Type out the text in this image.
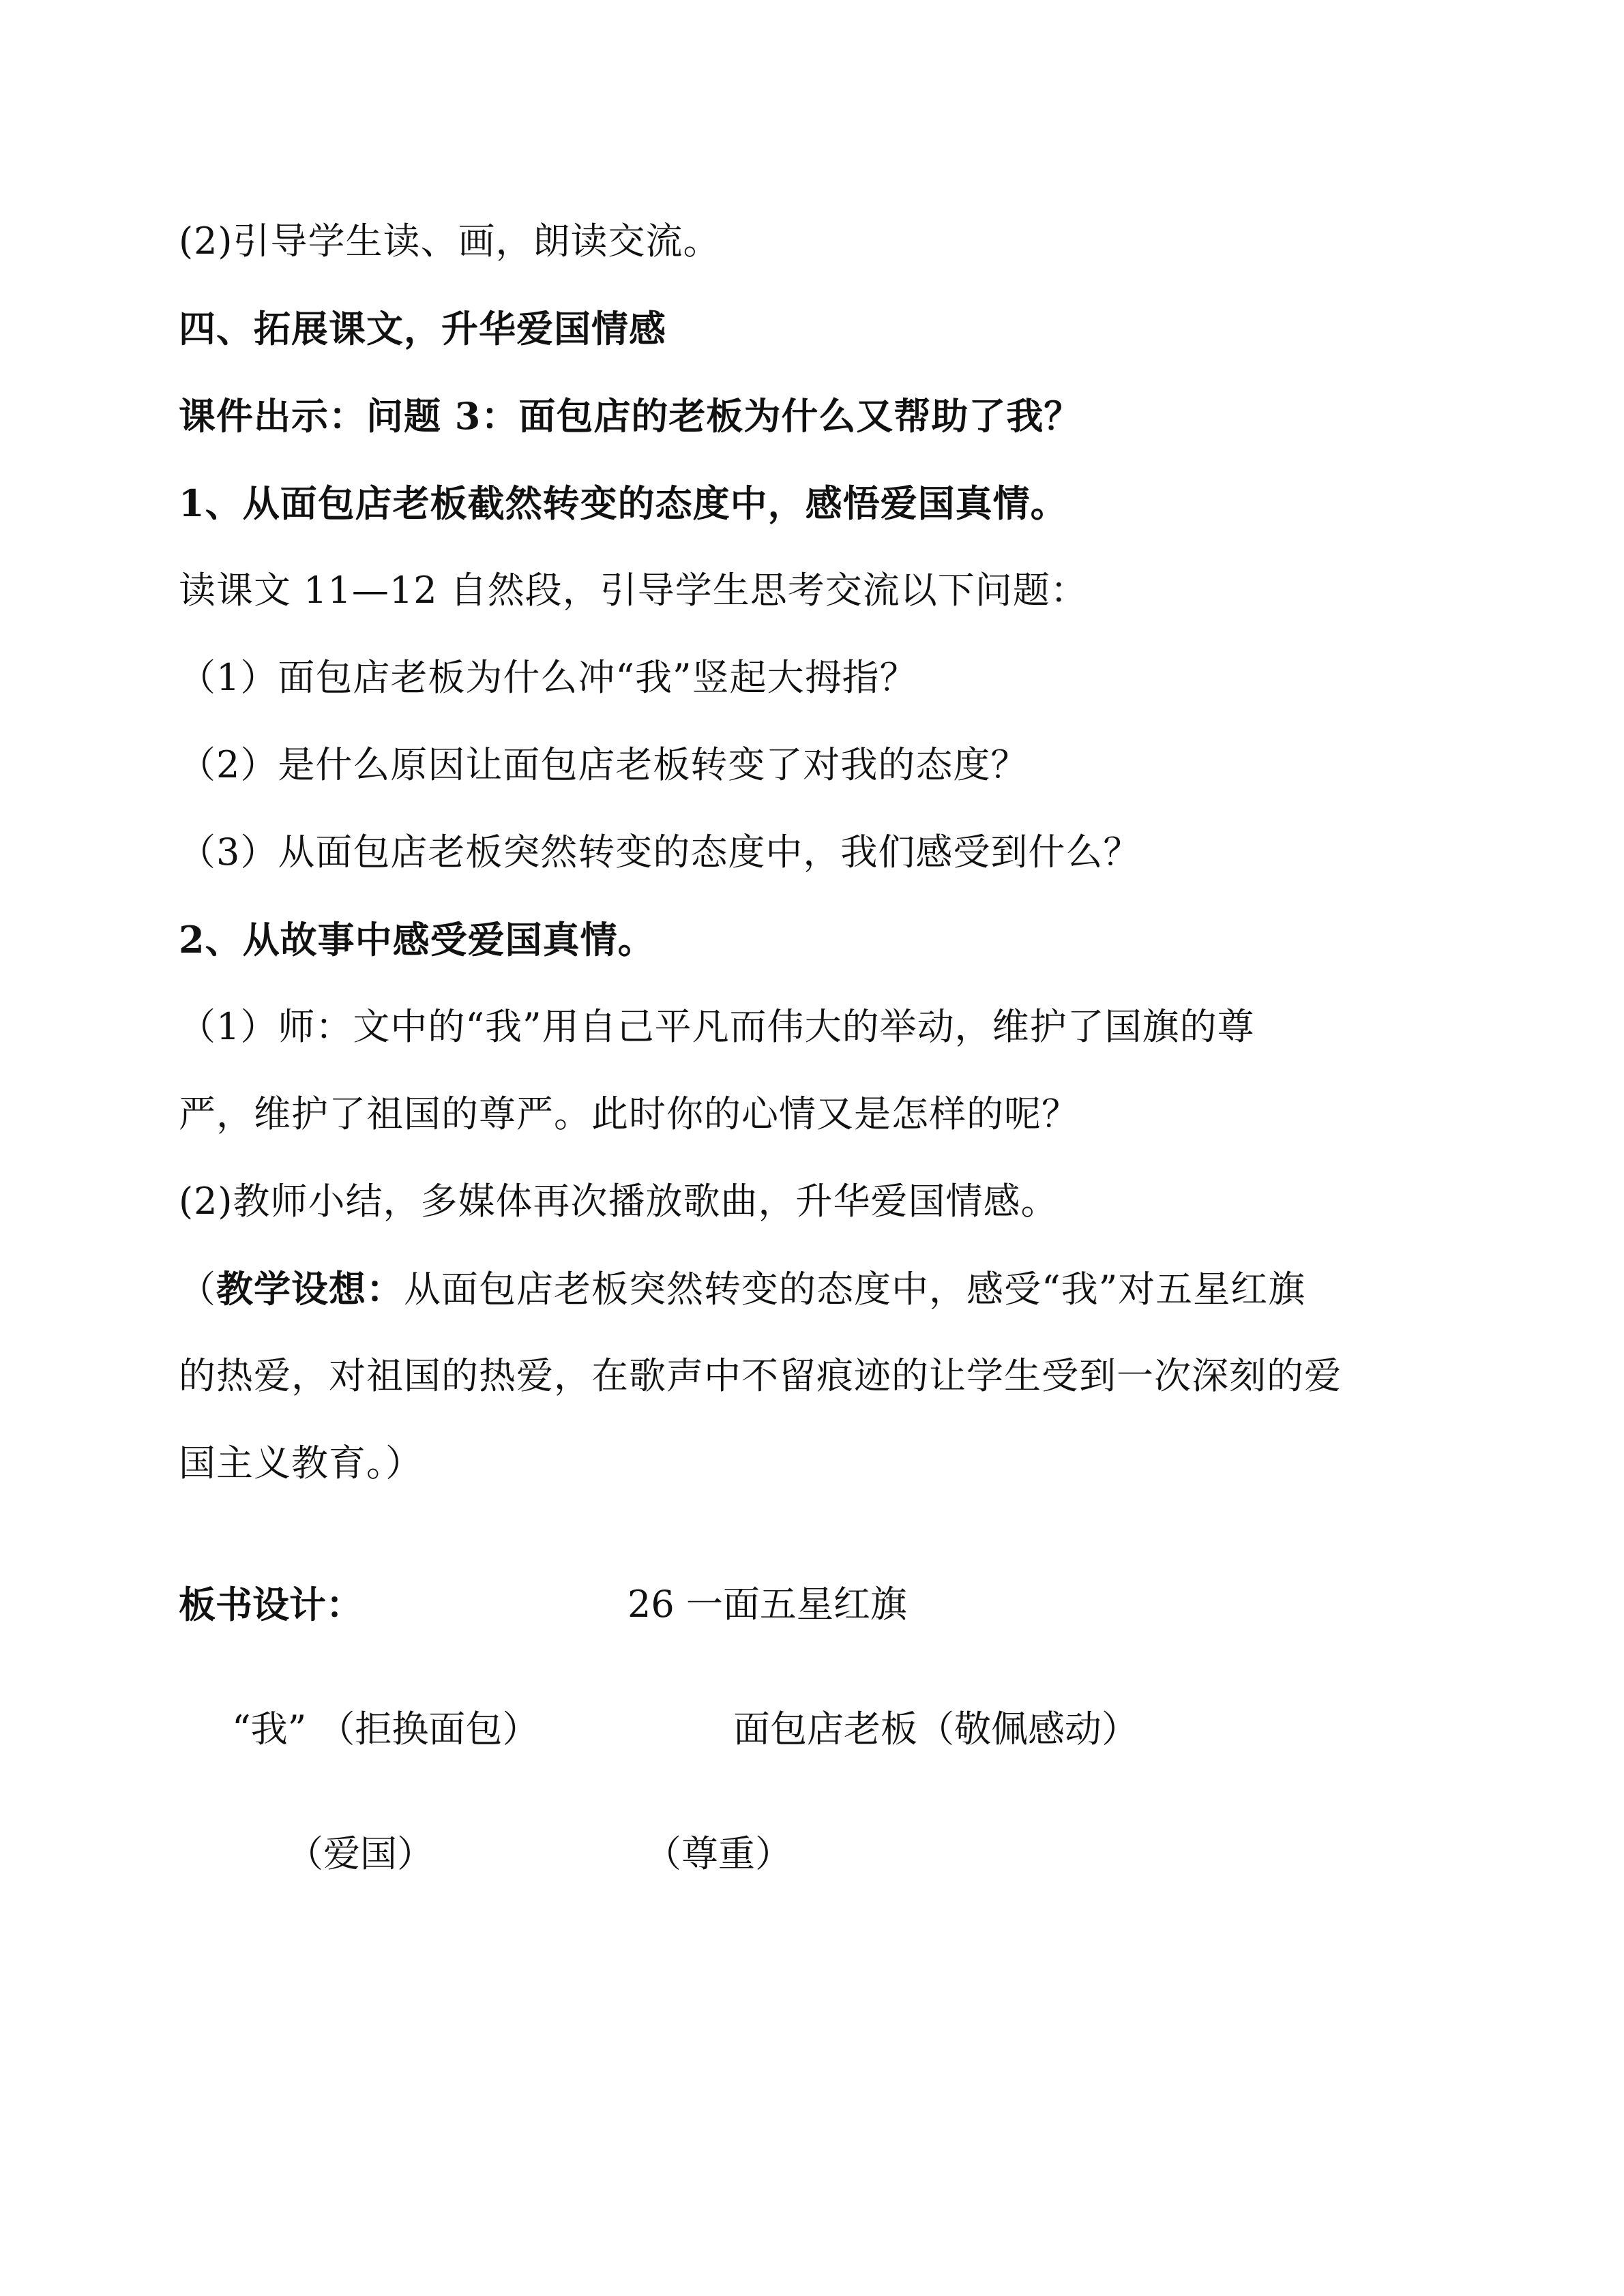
(2)引导学生读、画，朗读交流。
四、拓展课文，升华爱国情感
课件出示：问题 3：面包店的老板为什么又帮助了我？
1、从面包店老板截然转变的态度中，感悟爱国真情。
读课文 11—12 自然段，引导学生思考交流以下问题：
（1）面包店老板为什么冲“我”竖起大拇指？
（2）是什么原因让面包店老板转变了对我的态度？
（3）从面包店老板突然转变的态度中，我们感受到什么？
2、从故事中感受爱国真情。
（1）师：文中的“我”用自己平凡而伟大的举动，维护了国旗的尊
严，维护了祖国的尊严。此时你的心情又是怎样的呢？
(2)教师小结，多媒体再次播放歌曲，升华爱国情感。
（教学设想：从面包店老板突然转变的态度中，感受“我”对五星红旗
的热爱，对祖国的热爱，在歌声中不留痕迹的让学生受到一次深刻的爱
国主义教育。）
板书设计：	26 一面五星红旗
“我” （拒换面包）	面包店老板（敬佩感动）
（爱国）	（尊重）
